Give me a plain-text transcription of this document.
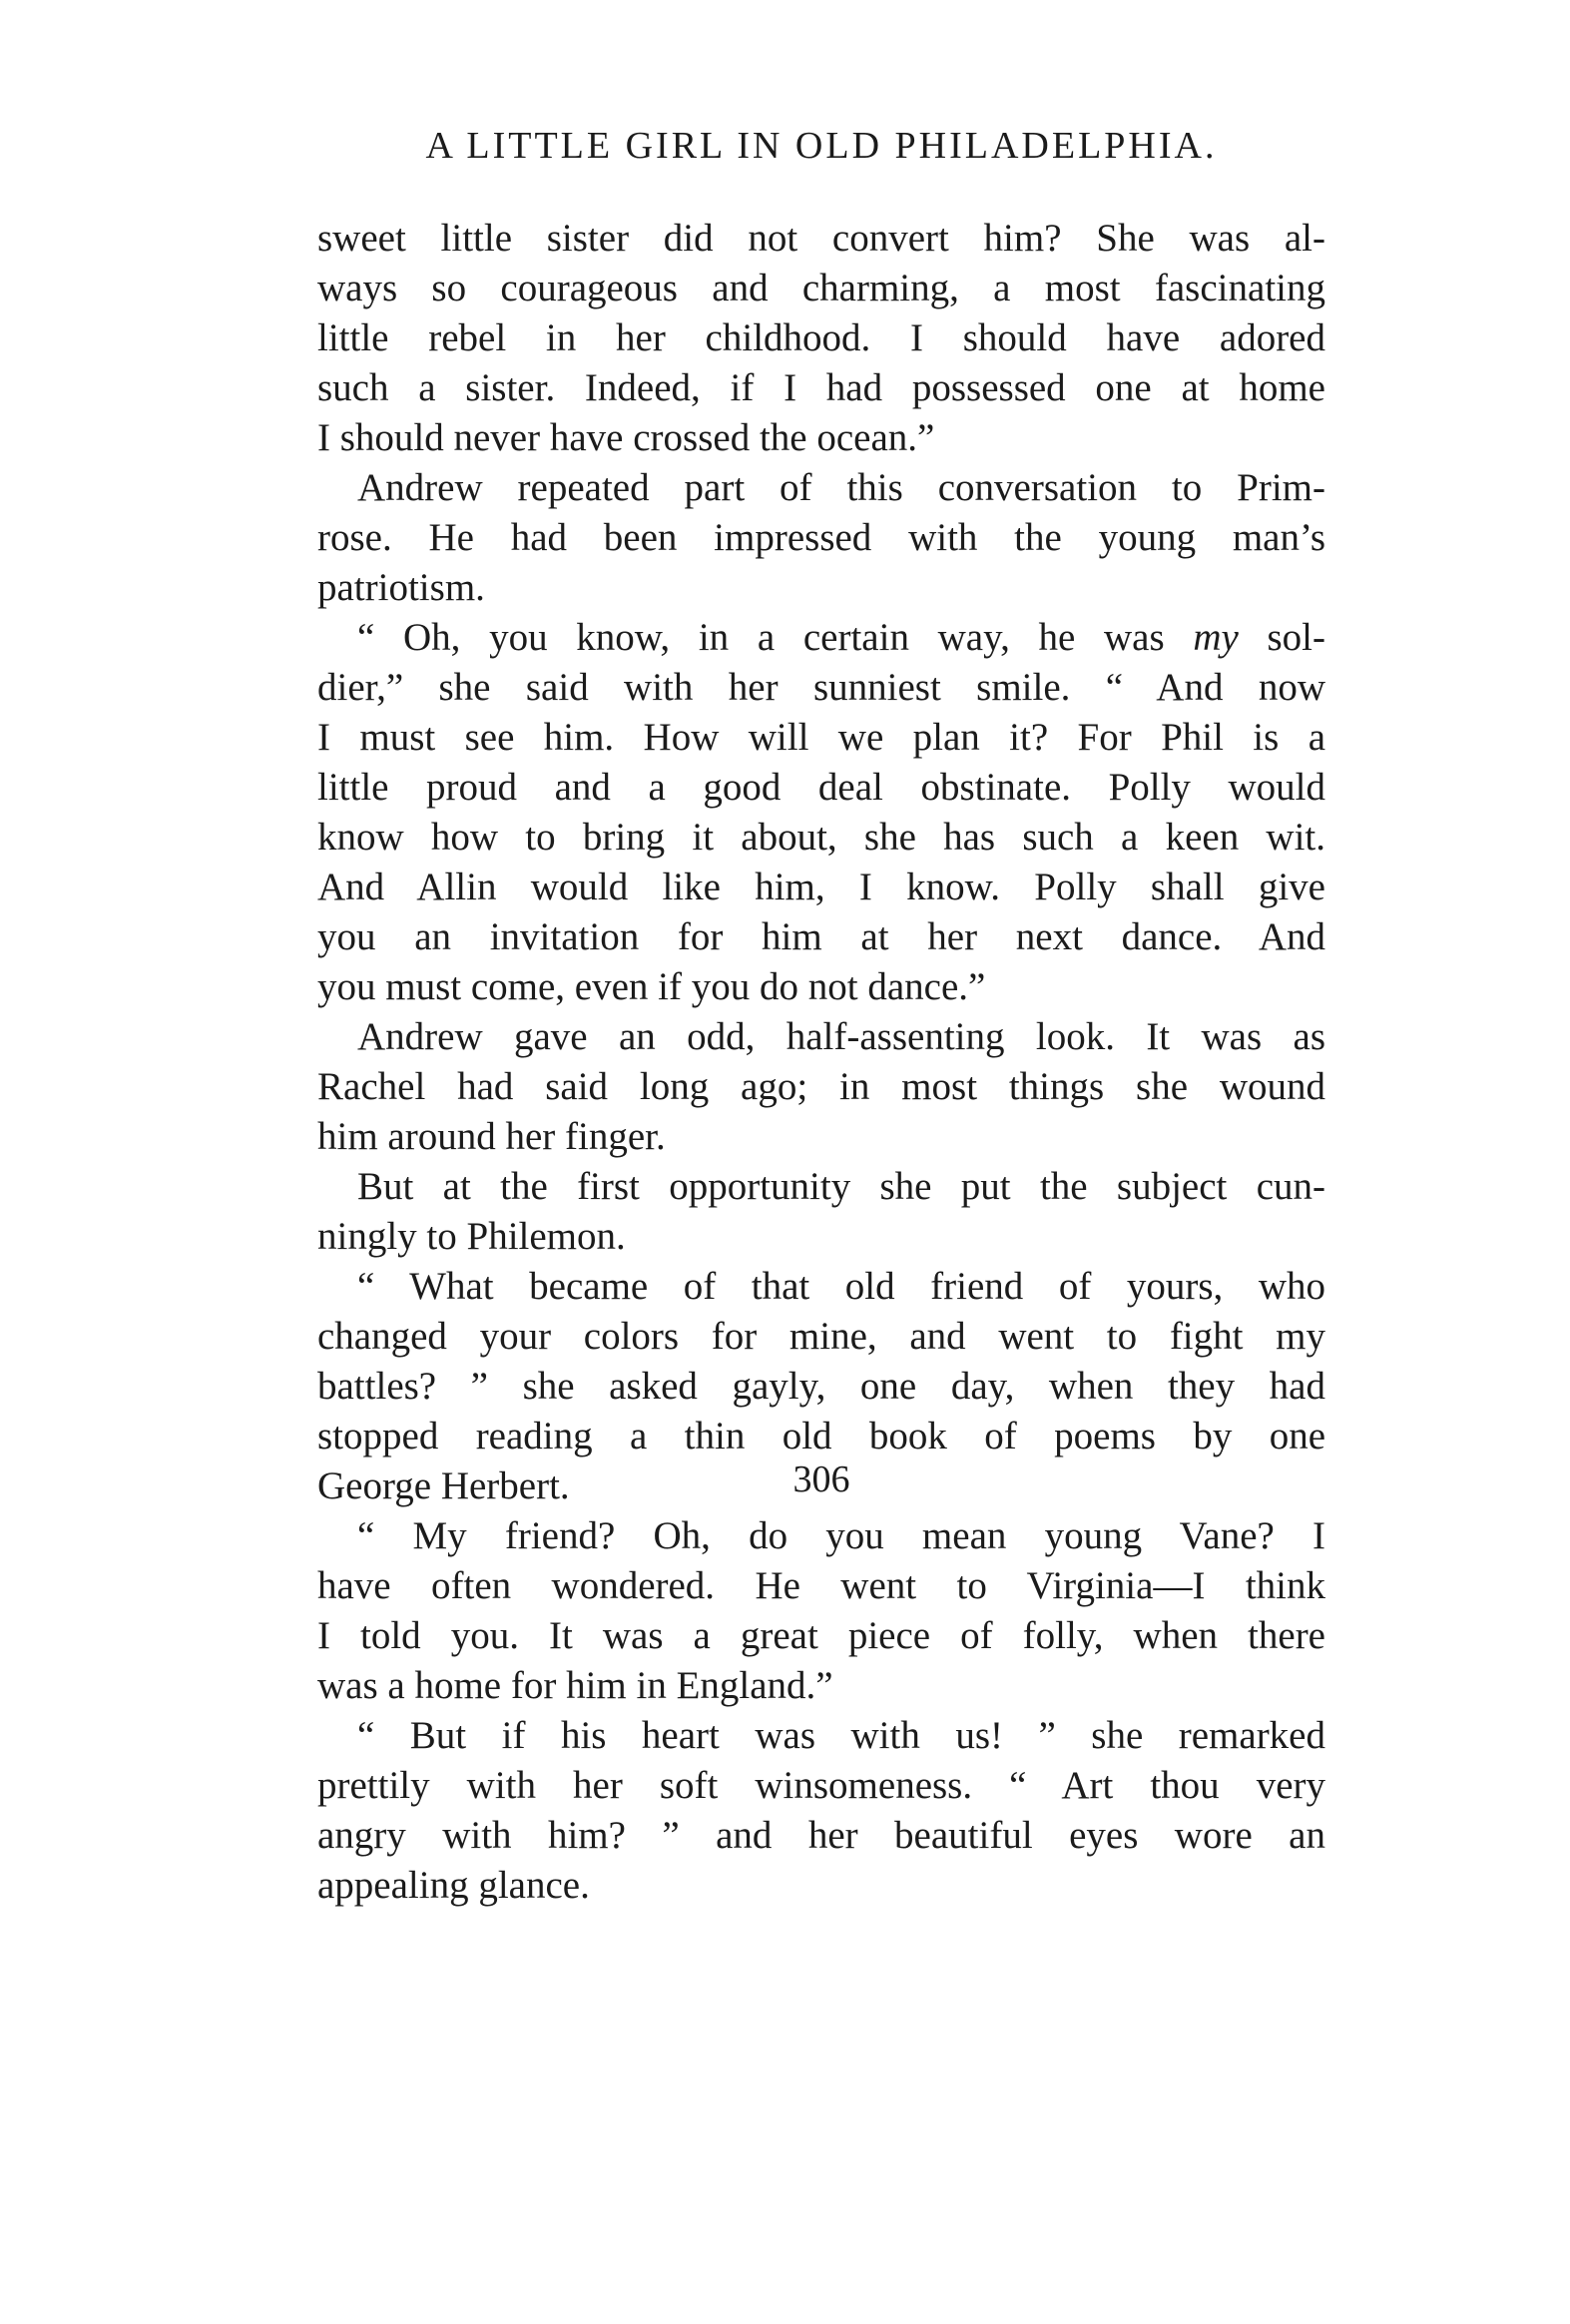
A LITTLE GIRL IN OLD PHILADELPHIA.
sweet little sister did not convert him? She was al-
ways so courageous and charming, a most fascinating
little rebel in her childhood. I should have adored
such a sister. Indeed, if I had possessed one at home
I should never have crossed the ocean.”
Andrew repeated part of this conversation to Prim-
rose. He had been impressed with the young man’s
patriotism.
“ Oh, you know, in a certain way, he was my sol-
dier,” she said with her sunniest smile. “ And now
I must see him. How will we plan it? For Phil is a
little proud and a good deal obstinate. Polly would
know how to bring it about, she has such a keen wit.
And Allin would like him, I know. Polly shall give
you an invitation for him at her next dance. And
you must come, even if you do not dance.”
Andrew gave an odd, half-assenting look. It was as
Rachel had said long ago; in most things she wound
him around her finger.
But at the first opportunity she put the subject cun-
ningly to Philemon.
“ What became of that old friend of yours, who
changed your colors for mine, and went to fight my
battles? ” she asked gayly, one day, when they had
stopped reading a thin old book of poems by one
George Herbert.
“ My friend? Oh, do you mean young Vane? I
have often wondered. He went to Virginia—I think
I told you. It was a great piece of folly, when there
was a home for him in England.”
“ But if his heart was with us! ” she remarked
prettily with her soft winsomeness. “ Art thou very
angry with him? ” and her beautiful eyes wore an
appealing glance.
306
